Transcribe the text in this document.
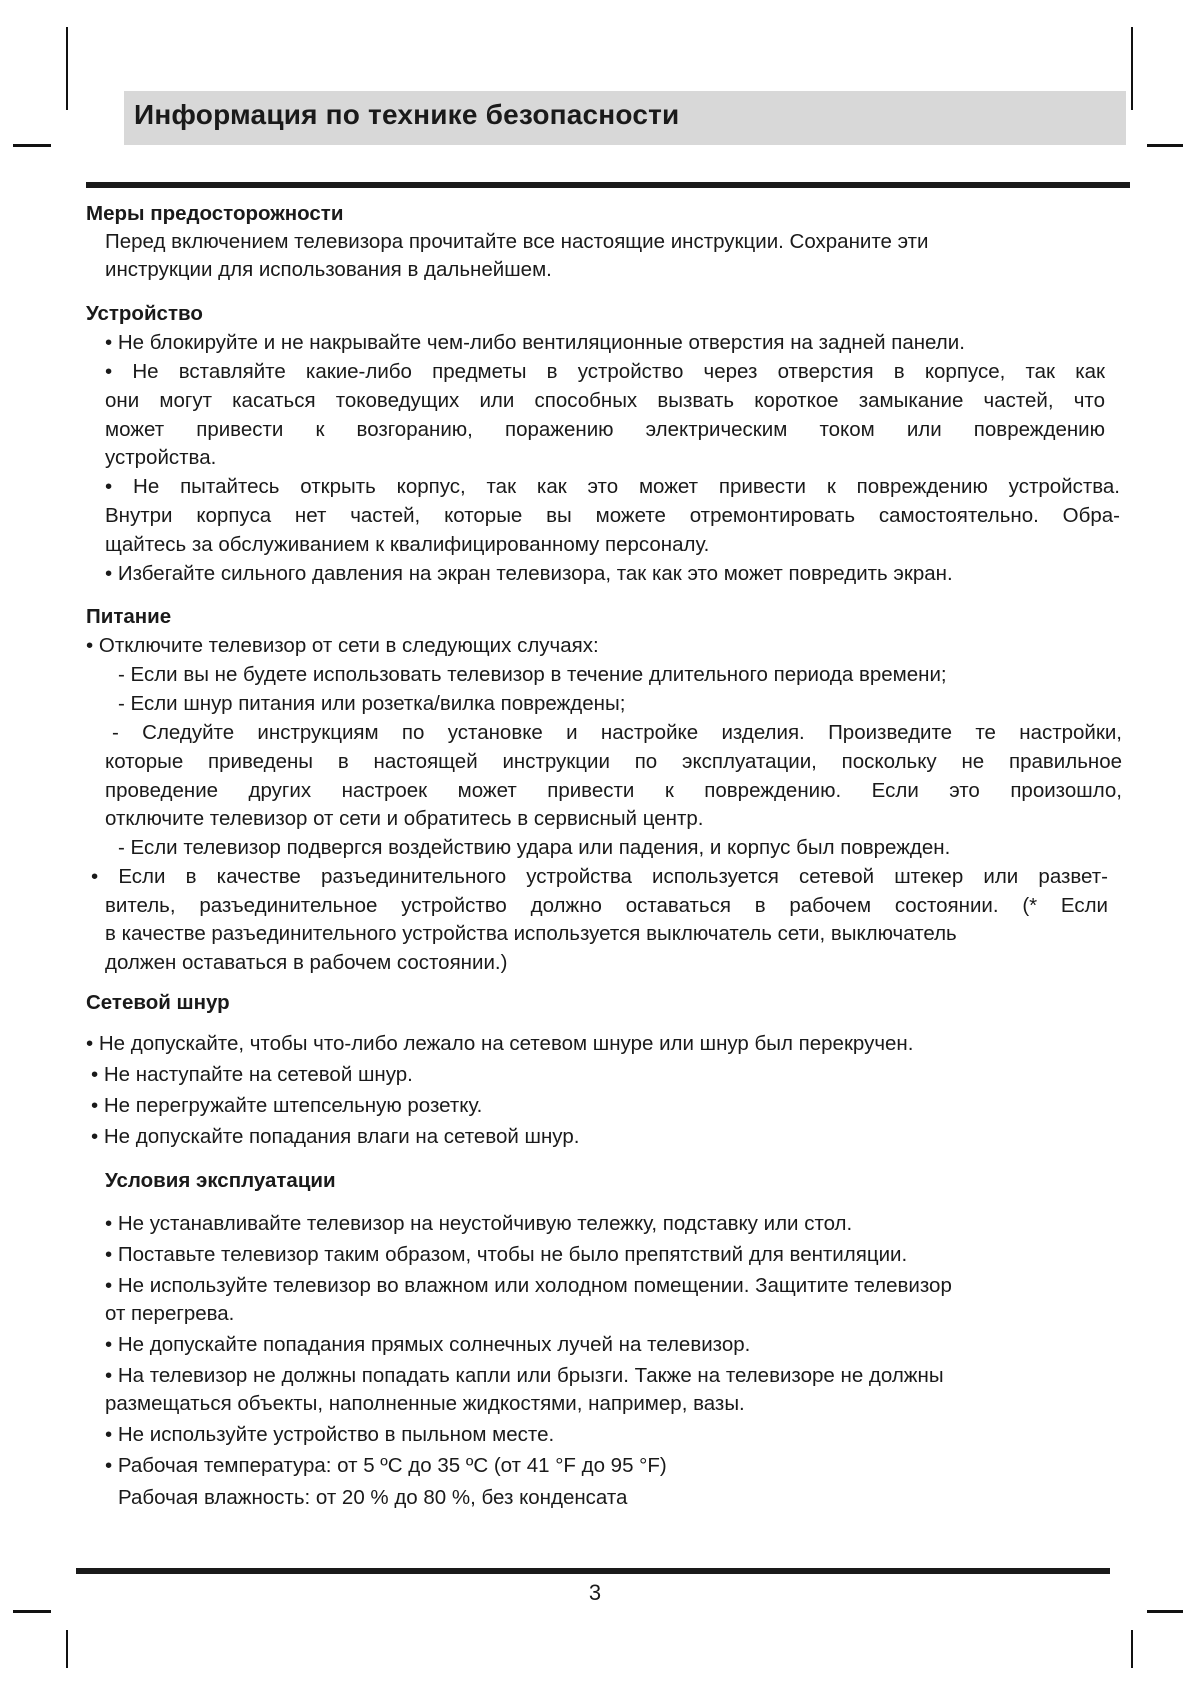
Информация по технике безопасности
Меры предосторожности
Перед включением телевизора прочитайте все настоящие инструкции. Сохраните эти
инструкции для использования в дальнейшем.
Устройство
• Не блокируйте и не накрывайте чем-либо вентиляционные отверстия на задней панели.
• Не вставляйте какие-либо предметы в устройство через отверстия в корпусе, так как
они могут касаться токоведущих или способных вызвать короткое замыкание частей, что
может привести к возгоранию, поражению электрическим током или повреждению
устройства.
• Не пытайтесь открыть корпус, так как это может привести к повреждению устройства.
Внутри корпуса нет частей, которые вы можете отремонтировать самостоятельно. Обра-
щайтесь за обслуживанием к квалифицированному персоналу.
• Избегайте сильного давления на экран телевизора, так как это может повредить экран.
Питание
• Отключите телевизор от сети в следующих случаях:
- Если вы не будете использовать телевизор в течение длительного периода времени;
- Если шнур питания или розетка/вилка повреждены;
- Следуйте инструкциям по установке и настройке изделия. Произведите те настройки,
которые приведены в настоящей инструкции по эксплуатации, поскольку не правильное
проведение других настроек может привести к повреждению. Если это произошло,
отключите телевизор от сети и обратитесь в сервисный центр.
- Если телевизор подвергся воздействию удара или падения, и корпус был поврежден.
• Если в качестве разъединительного устройства используется сетевой штекер или развет-
витель, разъединительное устройство должно оставаться в рабочем состоянии. (* Если
в качестве разъединительного устройства используется выключатель сети, выключатель
должен оставаться в рабочем состоянии.)
Сетевой шнур
• Не допускайте, чтобы что-либо лежало на сетевом шнуре или шнур был перекручен.
• Не наступайте на сетевой шнур.
• Не перегружайте штепсельную розетку.
• Не допускайте попадания влаги на сетевой шнур.
Условия эксплуатации
• Не устанавливайте телевизор на неустойчивую тележку, подставку или стол.
• Поставьте телевизор таким образом, чтобы не было препятствий для вентиляции.
• Не используйте телевизор во влажном или холодном помещении. Защитите телевизор
от перегрева.
• Не допускайте попадания прямых солнечных лучей на телевизор.
• На телевизор не должны попадать капли или брызги. Также на телевизоре не должны
размещаться объекты, наполненные жидкостями, например, вазы.
• Не используйте устройство в пыльном месте.
• Рабочая температура: от 5 ºC до 35 ºC (от 41 °F до 95 °F)
Рабочая влажность: от 20 % до 80 %, без конденсата
3
